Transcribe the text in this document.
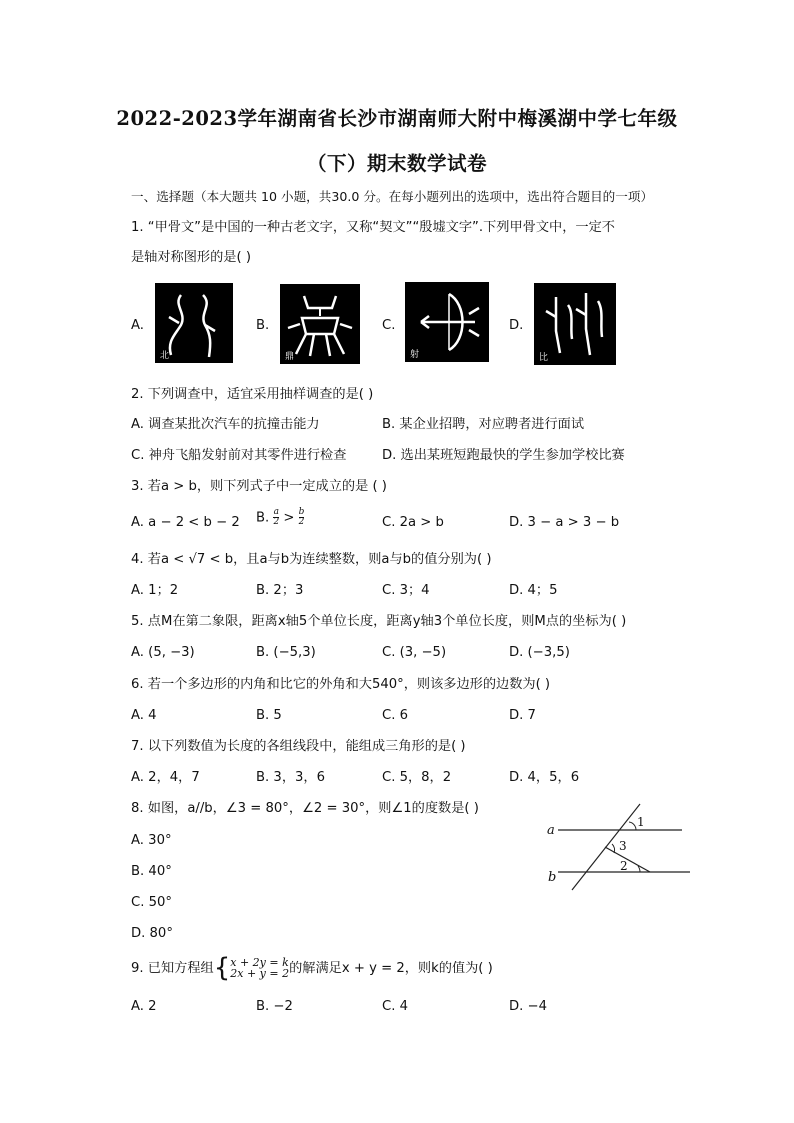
2022-2023学年湖南省长沙市湖南师大附中梅溪湖中学七年级
（下）期末数学试卷
一、选择题（本大题共 10 小题，共30.0 分。在每小题列出的选项中，选出符合题目的一项）
1. “甲骨文”是中国的一种古老文字，又称“契文”“殷墟文字”.下列甲骨文中，一定不
是轴对称图形的是( )
A.
北
B.
鼎
C.
射
D.
比
2. 下列调查中，适宜采用抽样调查的是( )
A. 调查某批次汽车的抗撞击能力	B. 某企业招聘，对应聘者进行面试
C. 神舟飞船发射前对其零件进行检查	D. 选出某班短跑最快的学生参加学校比赛
3. 若a > b，则下列式子中一定成立的是 ( )
A. a − 2 < b − 2 B. $\frac{a}{2} > \frac{b}{2}$	C. 2a > b	D. 3 − a > 3 − b
4. 若a < √7 < b，且a与b为连续整数，则a与b的值分别为( )
A. 1；2	B. 2；3	C. 3；4	D. 4；5
5. 点M在第二象限，距离x轴5个单位长度，距离y轴3个单位长度，则M点的坐标为( )
A. (5, −3)	B. (−5,3)	C. (3, −5)	D. (−3,5)
6. 若一个多边形的内角和比它的外角和大540°，则该多边形的边数为( )
A. 4	B. 5	C. 6	D. 7
7. 以下列数值为长度的各组线段中，能组成三角形的是( )
A. 2，4，7	B. 3，3，6	C. 5，8，2	D. 4，5，6
8. 如图，a//b，∠3 = 80°，∠2 = 30°，则∠1的度数是( )
A. 30°
B. 40°
C. 50°
D. 80°
a
b
1
3
2
9. 已知方程组{ x + 2y = k
2x + y = 2 的解满足x + y = 2，则k的值为( )
A. 2	B. −2	C. 4	D. −4
